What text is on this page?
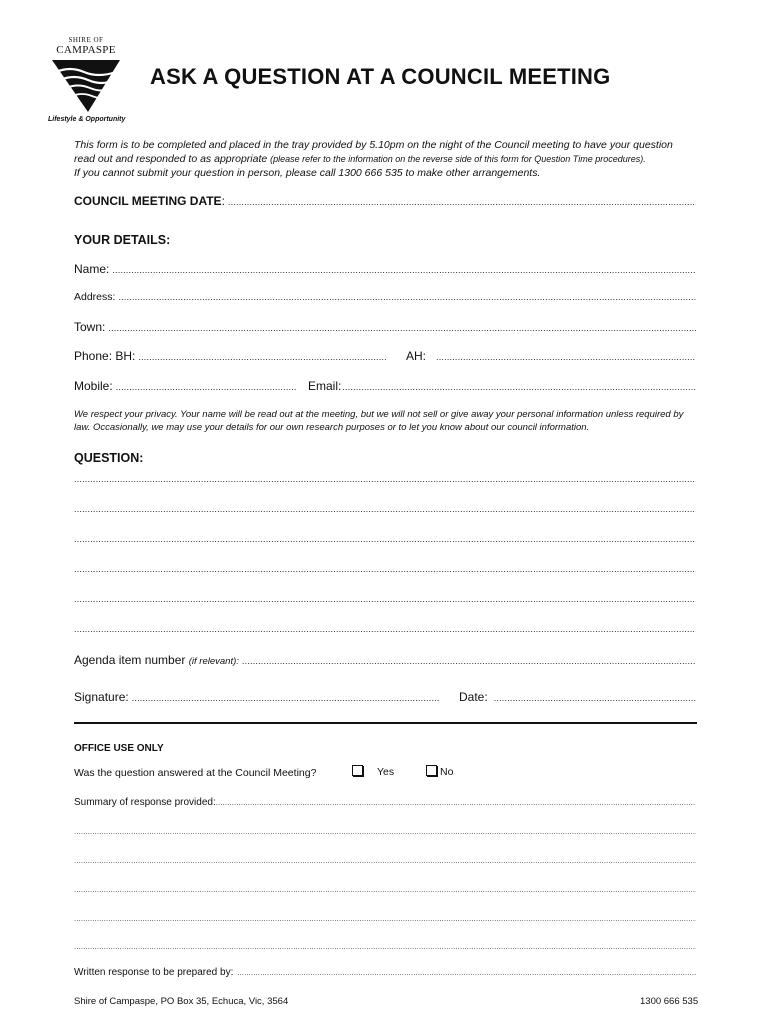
SHIRE OF
CAMPASPE
Lifestyle & Opportunity
ASK A QUESTION AT A COUNCIL MEETING
This form is to be completed and placed in the tray provided by 5.10pm on the night of the Council meeting to have your question
read out and responded to as appropriate (please refer to the information on the reverse side of this form for Question Time procedures).
If you cannot submit your question in person, please call 1300 666 535 to make other arrangements.
COUNCIL MEETING DATE :
.....
YOUR DETAILS:
Name:
.....
Address:
.....
Town:
.....
Phone: BH: .....	AH:
.....
Mobile: .....	Email:
.....
We respect your privacy. Your name will be read out at the meeting, but we will not sell or give away your personal information unless required by law. Occasionally, we may use your details for our own research purposes or to let you know about our council information.
QUESTION:
.....
.....
.....
.....
.....
.....
Agenda item number
(if relevant):
.....
Signature: .....	Date:
.....
OFFICE USE ONLY
Was the question answered at the Council Meeting?	Yes	No
Summary of response provided:
.....
.....
.....
.....
.....
.....
Written response to be prepared by:
.....
Shire of Campaspe, PO Box 35, Echuca, Vic, 3564	1300 666 535
